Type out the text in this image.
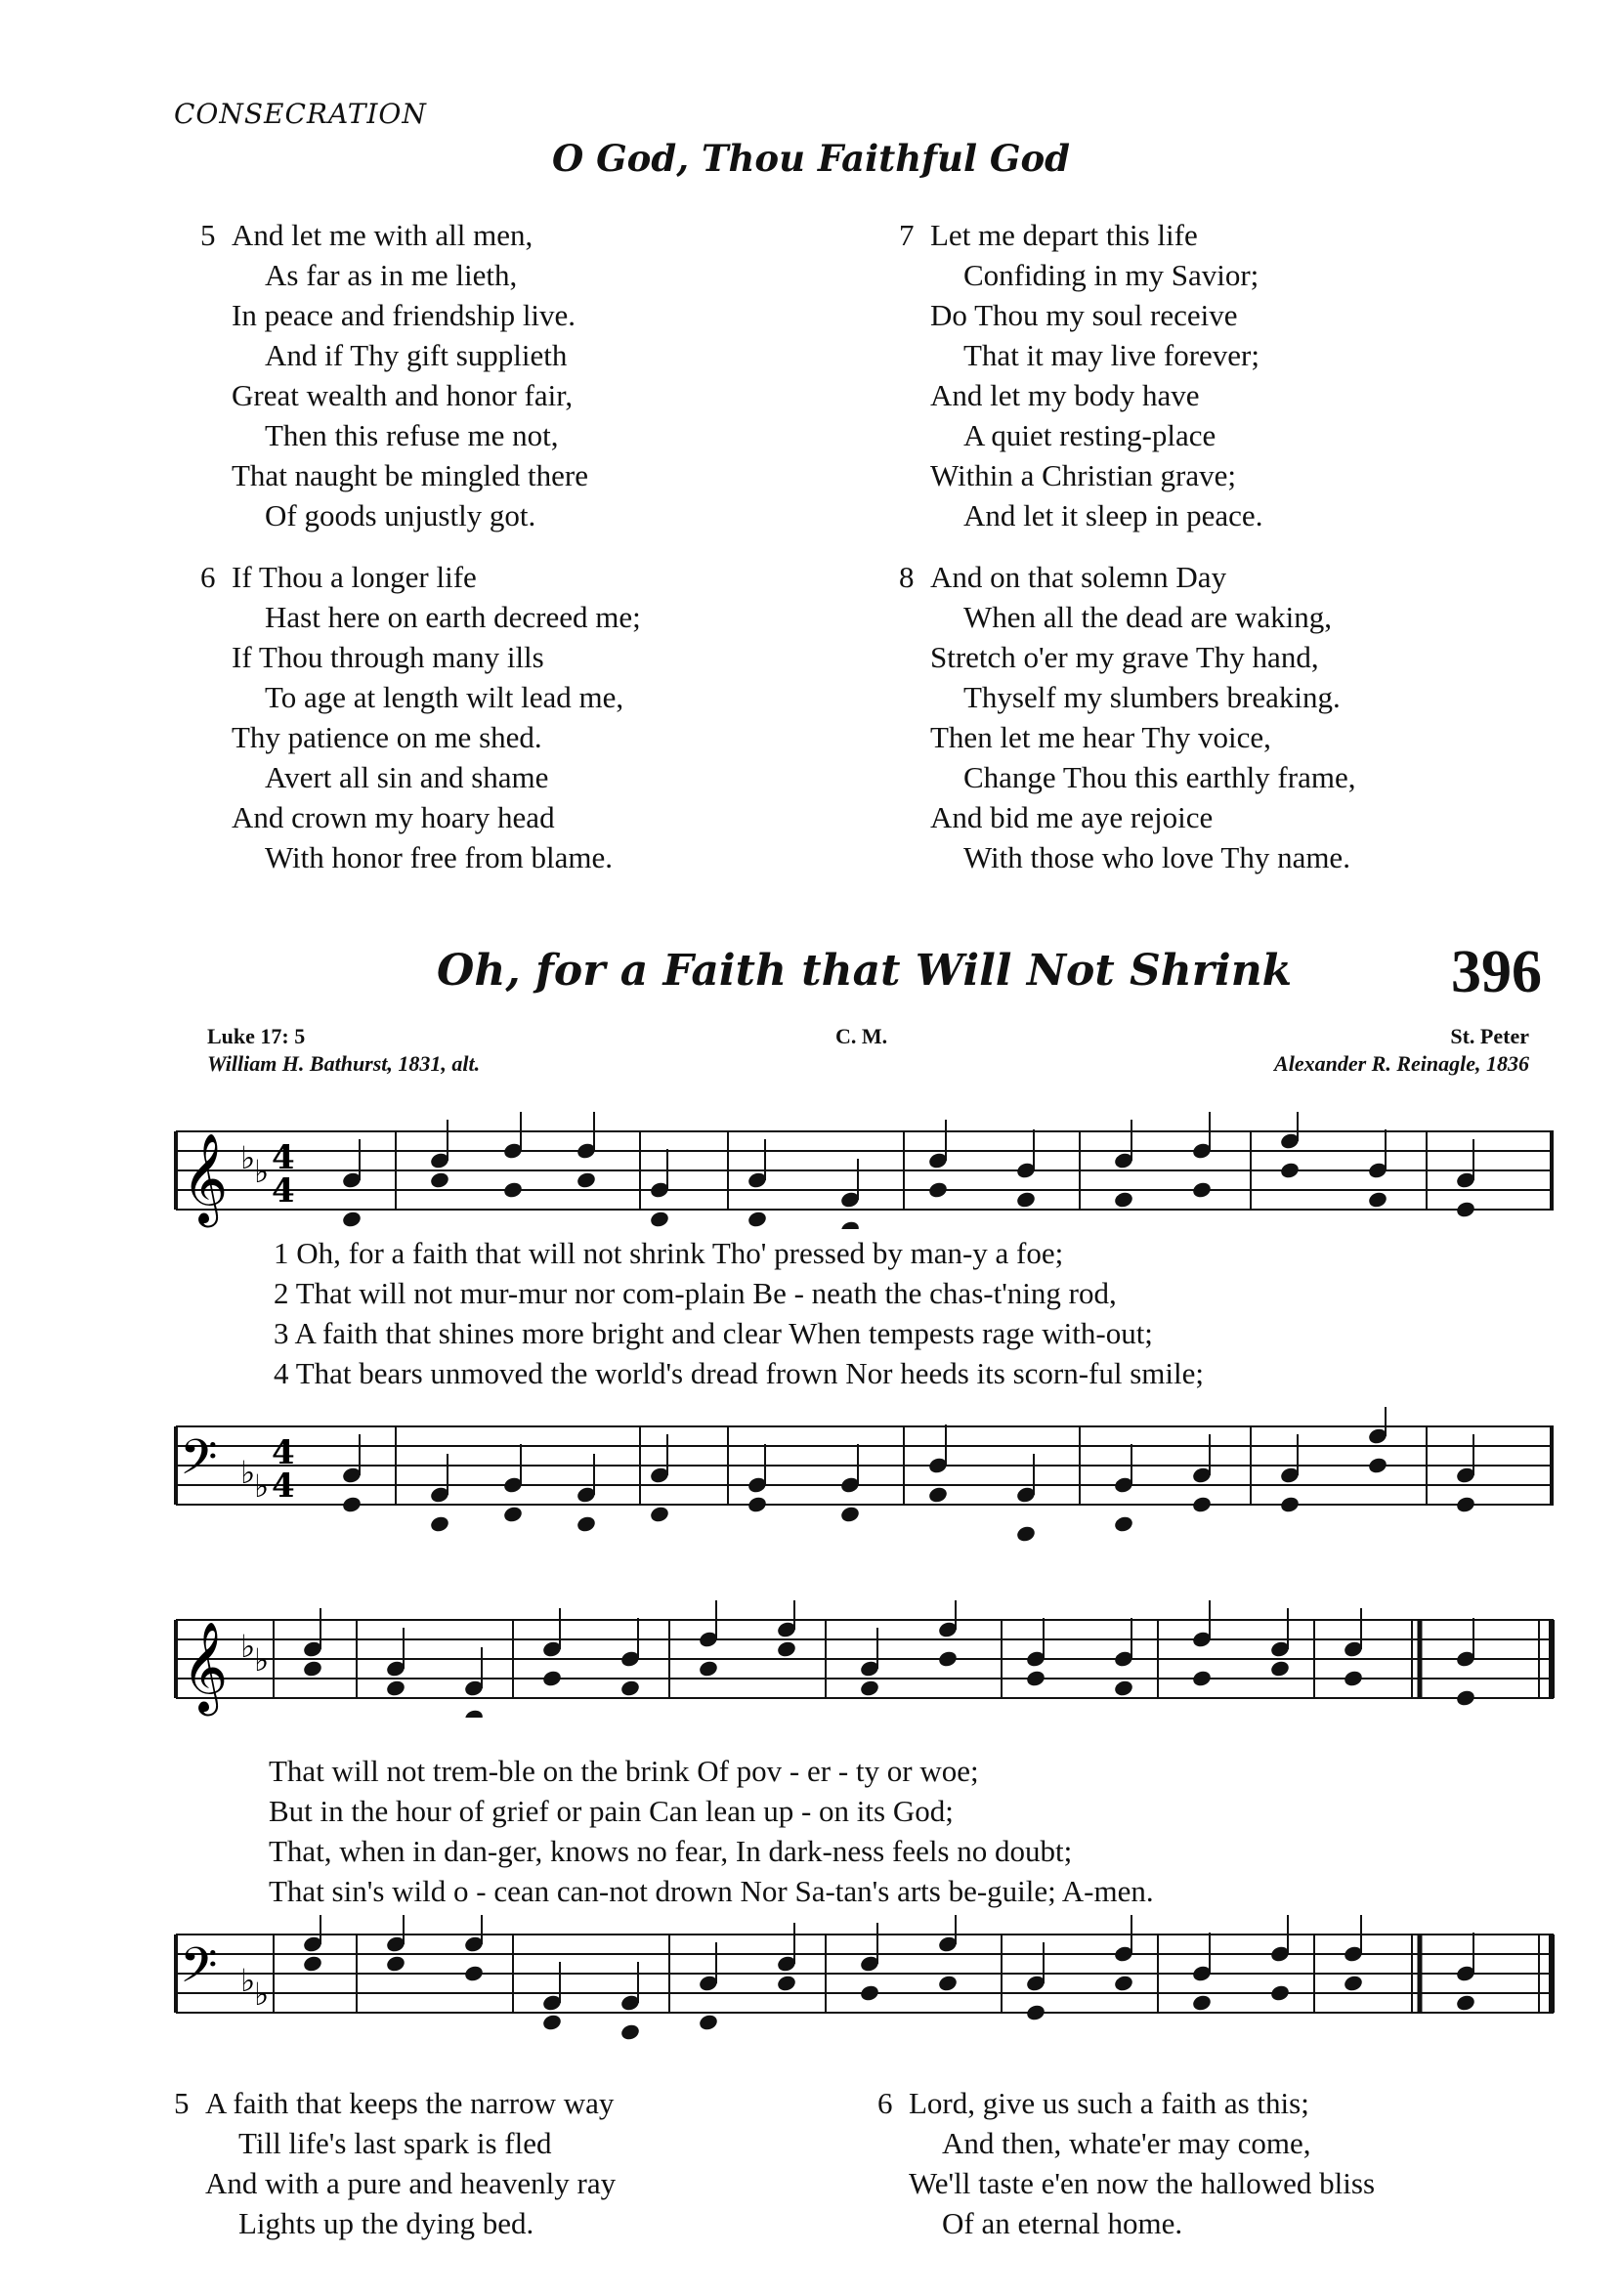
CONSECRATION
O God, Thou Faithful God
5 And let me with all men,
As far as in me lieth,
In peace and friendship live.
And if Thy gift supplieth
Great wealth and honor fair,
Then this refuse me not,
That naught be mingled there
Of goods unjustly got.
6 If Thou a longer life
Hast here on earth decreed me;
If Thou through many ills
To age at length wilt lead me,
Thy patience on me shed.
Avert all sin and shame
And crown my hoary head
With honor free from blame.
7 Let me depart this life
Confiding in my Savior;
Do Thou my soul receive
That it may live forever;
And let my body have
A quiet resting-place
Within a Christian grave;
And let it sleep in peace.
8 And on that solemn Day
When all the dead are waking,
Stretch o'er my grave Thy hand,
Thyself my slumbers breaking.
Then let me hear Thy voice,
Change Thou this earthly frame,
And bid me aye rejoice
With those who love Thy name.
Oh, for a Faith that Will Not Shrink	396
Luke 17: 5
William H. Bathurst, 1831, alt.
C. M.	St. Peter
Alexander R. Reinagle, 1836
𝄞 ♭
♭ 4
4
1 Oh, for a faith that will not shrink Tho' pressed by man-y a foe;
2 That will not mur-mur nor com-plain Be - neath the chas-t'ning rod,
3 A faith that shines more bright and clear When tempests rage with-out;
4 That bears unmoved the world's dread frown Nor heeds its scorn-ful smile;
𝄢 ♭
♭
4
4
𝄞 ♭
♭
That will not trem-ble on the brink Of pov - er - ty or woe;
But in the hour of grief or pain Can lean up - on its God;
That, when in dan-ger, knows no fear, In dark-ness feels no doubt;
That sin's wild o - cean can-not drown Nor Sa-tan's arts be-guile; A-men.
𝄢 ♭
♭
5 A faith that keeps the narrow way
Till life's last spark is fled
And with a pure and heavenly ray
Lights up the dying bed.
6 Lord, give us such a faith as this;
And then, whate'er may come,
We'll taste e'en now the hallowed bliss
Of an eternal home.
